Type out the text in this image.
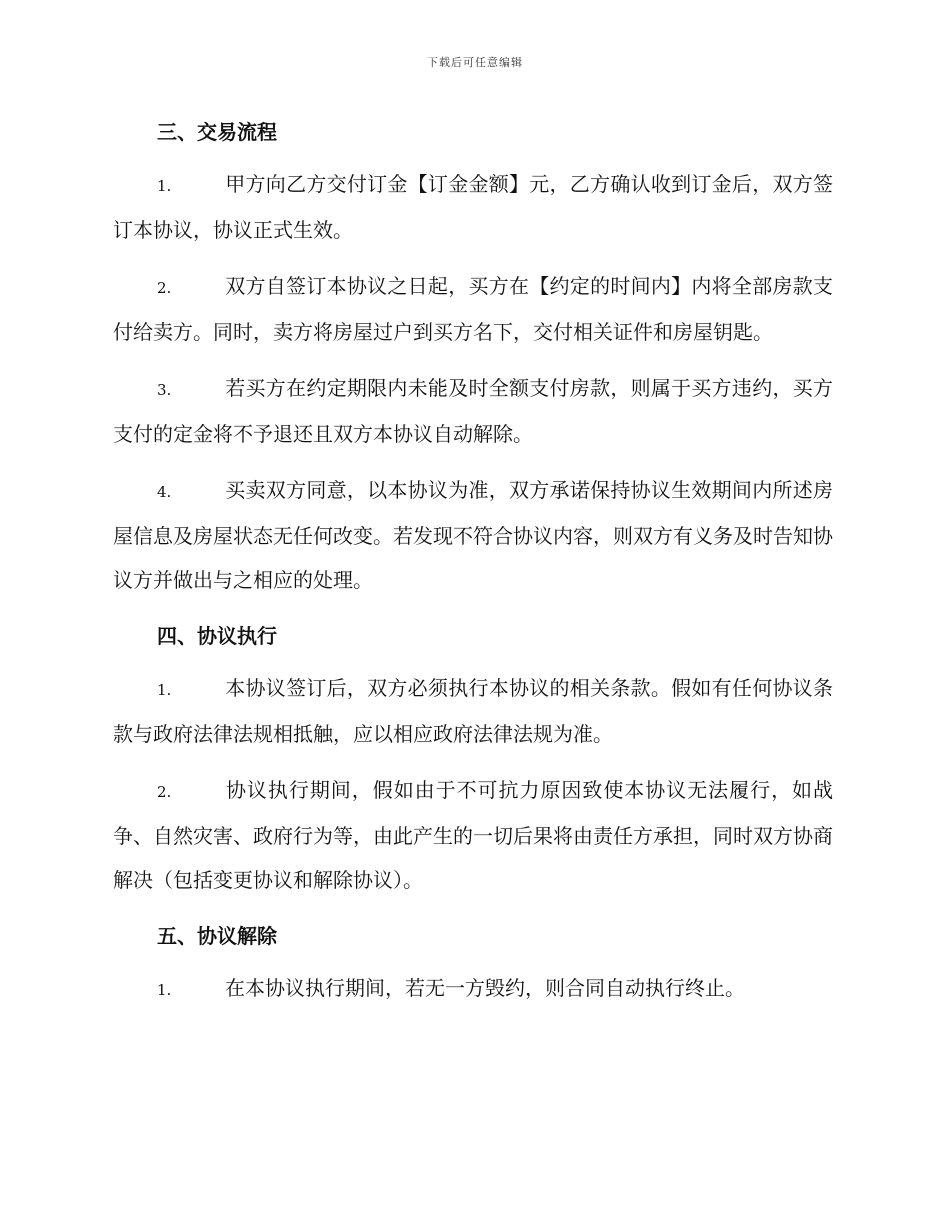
下载后可任意编辑
三、交易流程

1.	甲方向乙方交付订金【订金金额】元，乙方确认收到订金后，双方签订本协议，协议正式生效。

2.	双方自签订本协议之日起，买方在【约定的时间内】内将全部房款支付给卖方。同时，卖方将房屋过户到买方名下，交付相关证件和房屋钥匙。

3.	若买方在约定期限内未能及时全额支付房款，则属于买方违约，买方支付的定金将不予退还且双方本协议自动解除。

4.	买卖双方同意，以本协议为准，双方承诺保持协议生效期间内所述房屋信息及房屋状态无任何改变。若发现不符合协议内容，则双方有义务及时告知协议方并做出与之相应的处理。

四、协议执行

1.	本协议签订后，双方必须执行本协议的相关条款。假如有任何协议条款与政府法律法规相抵触，应以相应政府法律法规为准。

2.	协议执行期间，假如由于不可抗力原因致使本协议无法履行，如战争、自然灾害、政府行为等，由此产生的一切后果将由责任方承担，同时双方协商解决（包括变更协议和解除协议）。

五、协议解除

1.	在本协议执行期间，若无一方毁约，则合同自动执行终止。
